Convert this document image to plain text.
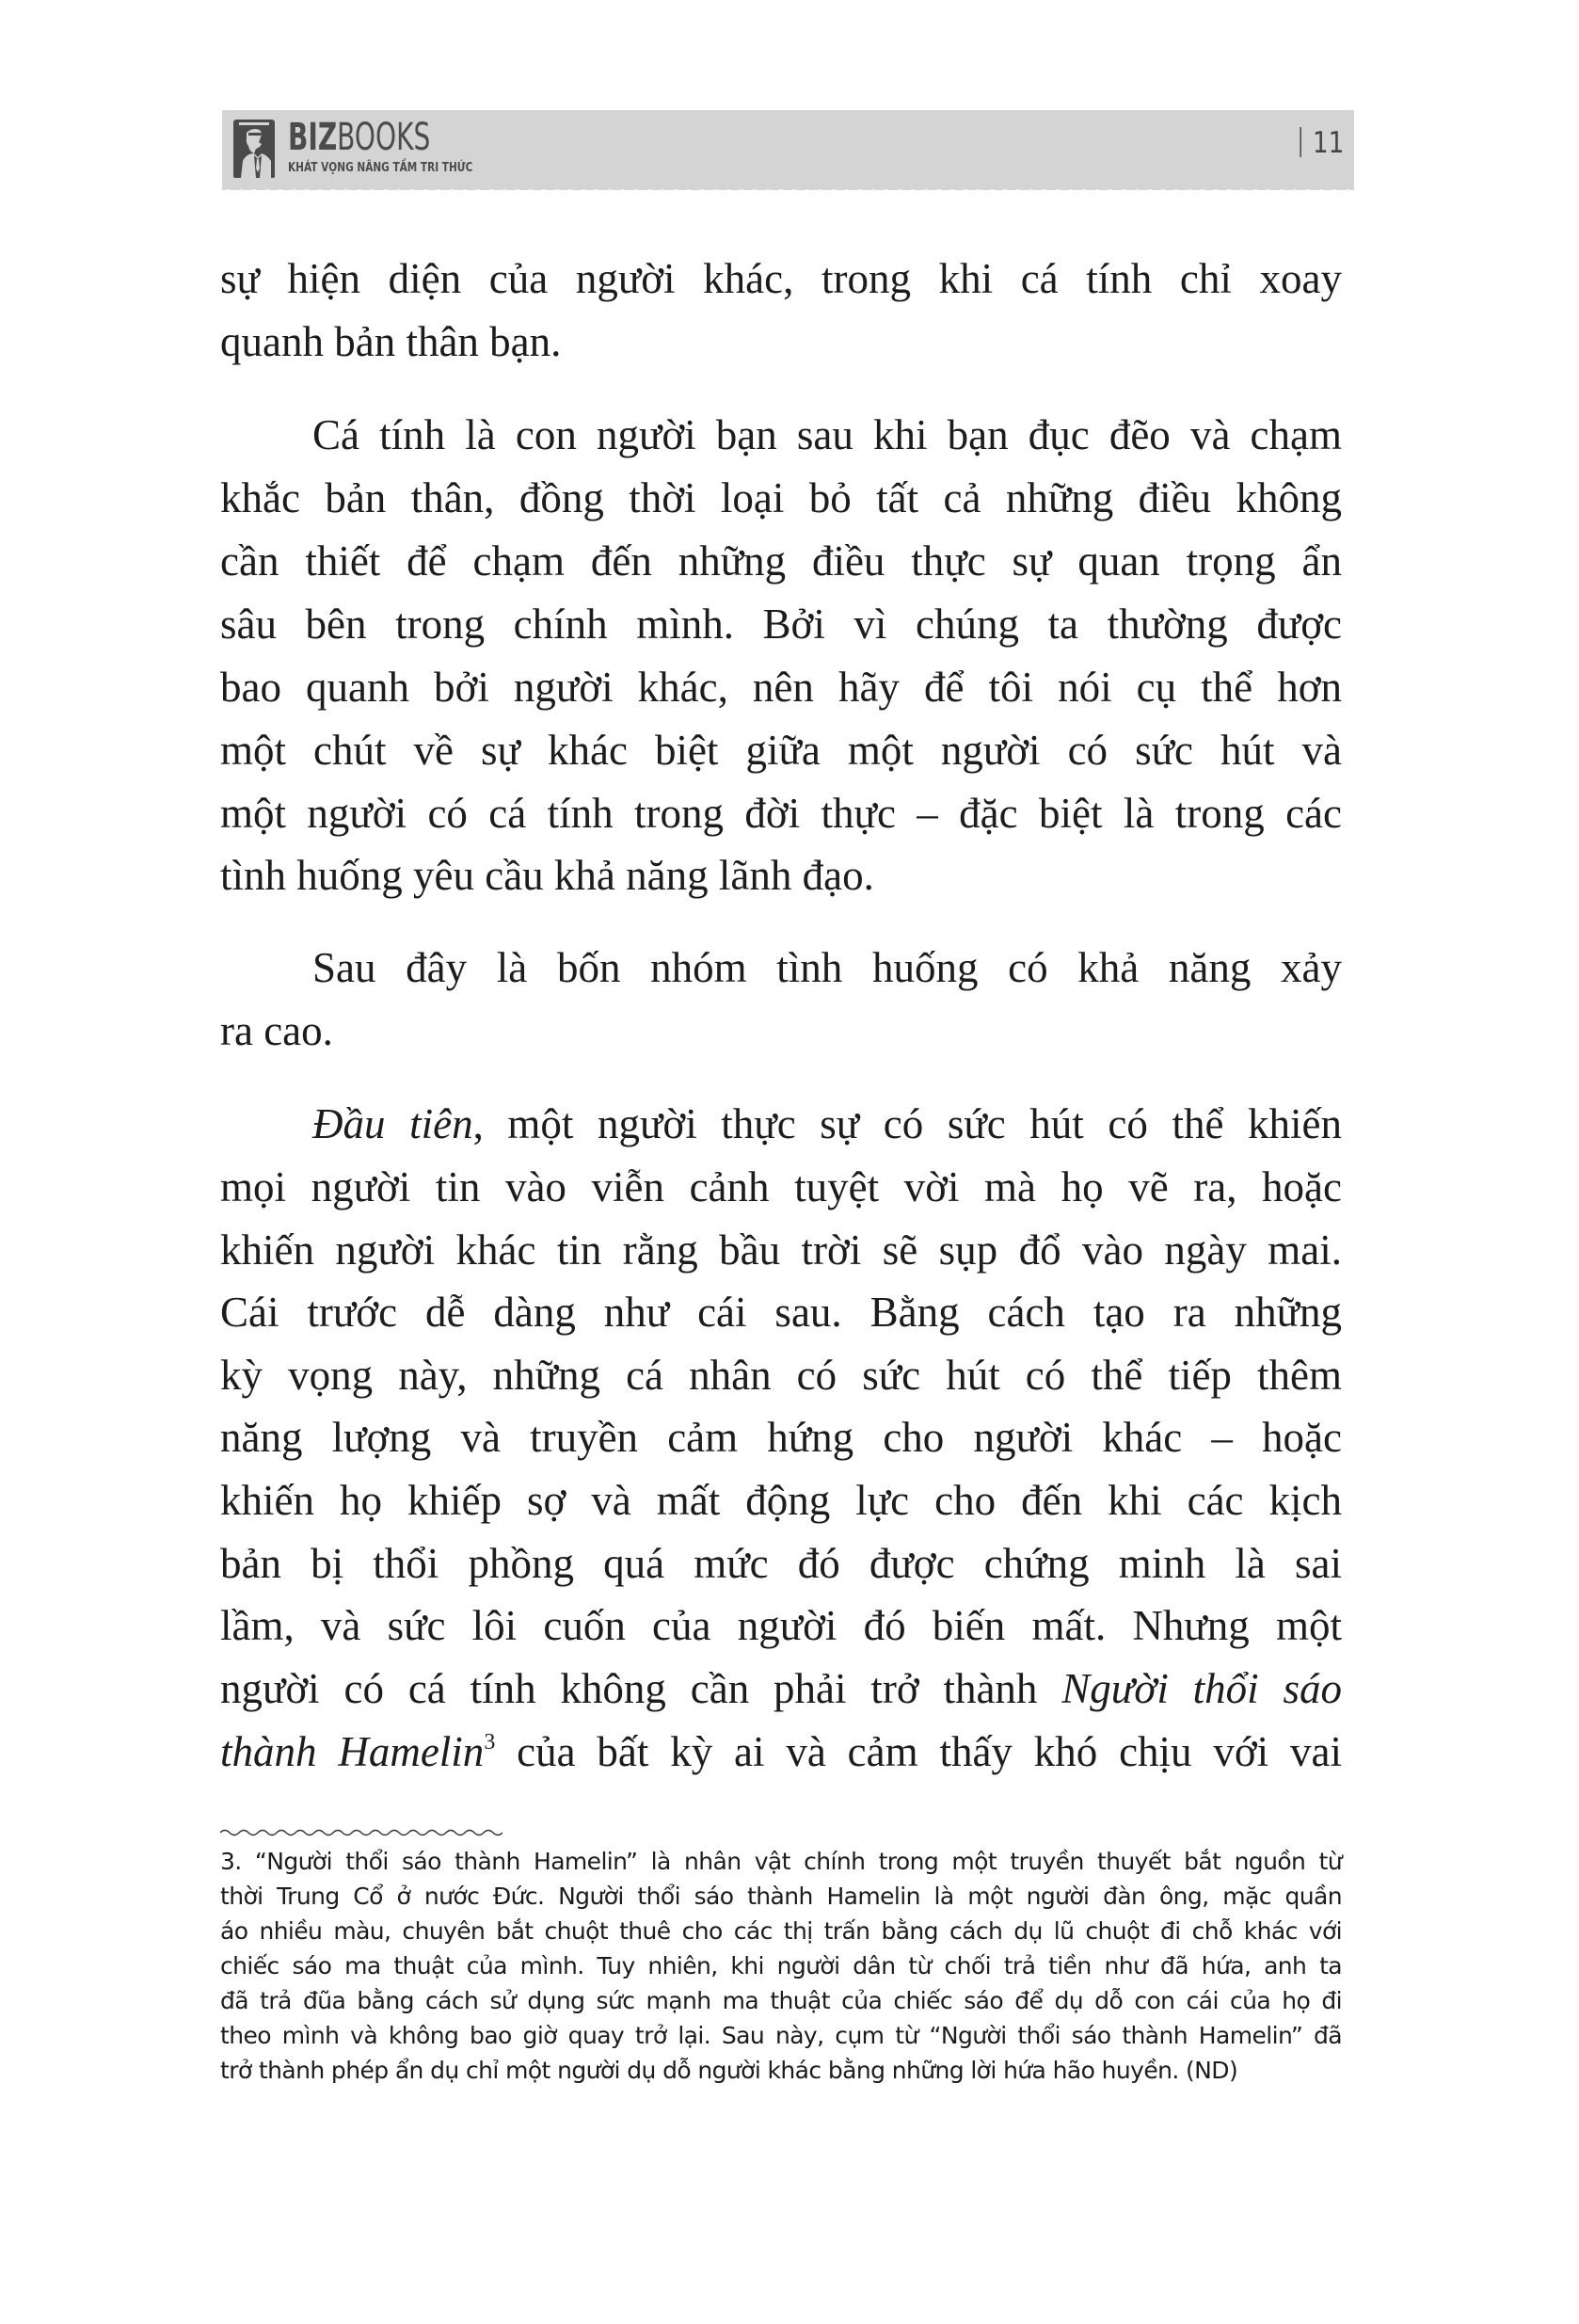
BIZBOOKS
KHÁT VỌNG NÂNG TẦM TRI THỨC
11
sự hiện diện của người khác, trong khi cá tính chỉ xoay
quanh bản thân bạn.
Cá tính là con người bạn sau khi bạn đục đẽo và chạm
khắc bản thân, đồng thời loại bỏ tất cả những điều không
cần thiết để chạm đến những điều thực sự quan trọng ẩn
sâu bên trong chính mình. Bởi vì chúng ta thường được
bao quanh bởi người khác, nên hãy để tôi nói cụ thể hơn
một chút về sự khác biệt giữa một người có sức hút và
một người có cá tính trong đời thực – đặc biệt là trong các
tình huống yêu cầu khả năng lãnh đạo.
Sau đây là bốn nhóm tình huống có khả năng xảy
ra cao.
Đầu tiên, một người thực sự có sức hút có thể khiến
mọi người tin vào viễn cảnh tuyệt vời mà họ vẽ ra, hoặc
khiến người khác tin rằng bầu trời sẽ sụp đổ vào ngày mai.
Cái trước dễ dàng như cái sau. Bằng cách tạo ra những
kỳ vọng này, những cá nhân có sức hút có thể tiếp thêm
năng lượng và truyền cảm hứng cho người khác – hoặc
khiến họ khiếp sợ và mất động lực cho đến khi các kịch
bản bị thổi phồng quá mức đó được chứng minh là sai
lầm, và sức lôi cuốn của người đó biến mất. Nhưng một
người có cá tính không cần phải trở thành Người thổi sáo
thành Hamelin$^3$ của bất kỳ ai và cảm thấy khó chịu với vai
3. “Người thổi sáo thành Hamelin” là nhân vật chính trong một truyền thuyết bắt nguồn từ
thời Trung Cổ ở nước Đức. Người thổi sáo thành Hamelin là một người đàn ông, mặc quần
áo nhiều màu, chuyên bắt chuột thuê cho các thị trấn bằng cách dụ lũ chuột đi chỗ khác với
chiếc sáo ma thuật của mình. Tuy nhiên, khi người dân từ chối trả tiền như đã hứa, anh ta
đã trả đũa bằng cách sử dụng sức mạnh ma thuật của chiếc sáo để dụ dỗ con cái của họ đi
theo mình và không bao giờ quay trở lại. Sau này, cụm từ “Người thổi sáo thành Hamelin” đã
trở thành phép ẩn dụ chỉ một người dụ dỗ người khác bằng những lời hứa hão huyền. (ND)
